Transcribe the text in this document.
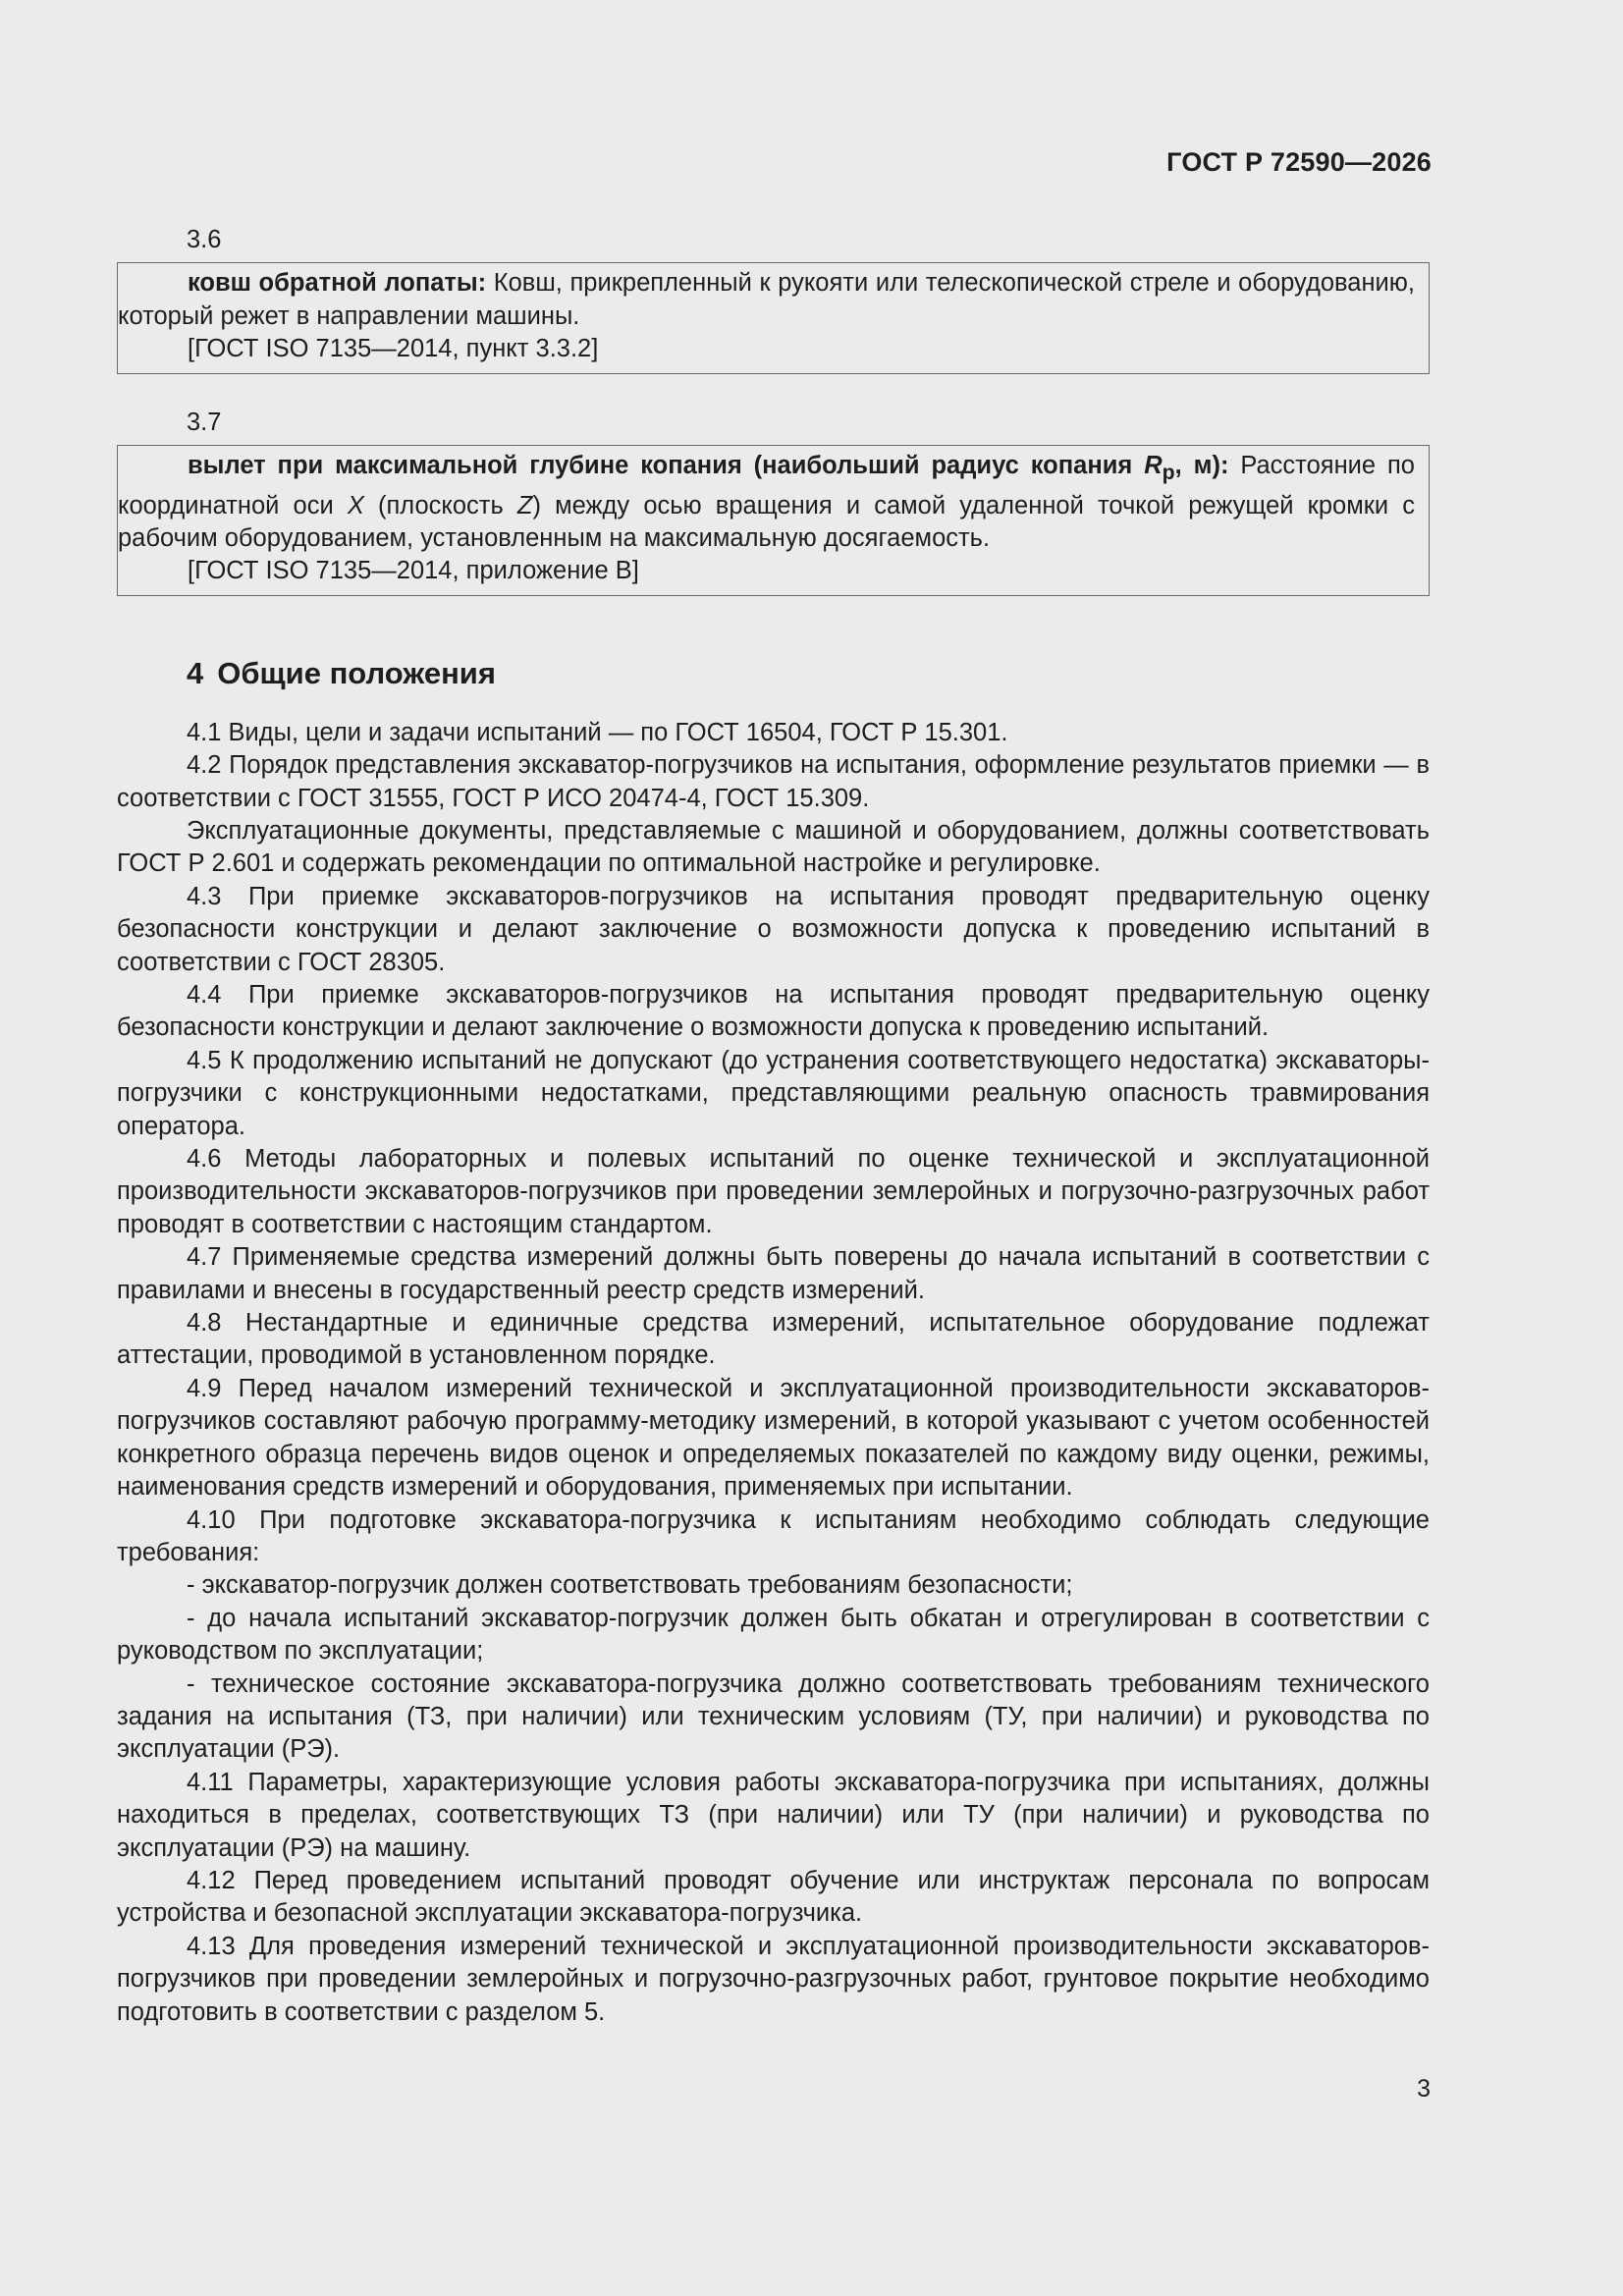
ГОСТ Р 72590—2026
3.6

ковш обратной лопаты: Ковш, прикрепленный к рукояти или телескопической стреле и оборудованию, который режет в направлении машины.

[ГОСТ ISO 7135—2014, пункт 3.3.2]

3.7

вылет при максимальной глубине копания (наибольший радиус копания $R_p$, м): Расстояние по координатной оси X (плоскость Z) между осью вращения и самой удаленной точкой режущей кромки с рабочим оборудованием, установленным на максимальную досягаемость.

[ГОСТ ISO 7135—2014, приложение В]

4 Общие положения

4.1 Виды, цели и задачи испытаний — по ГОСТ 16504, ГОСТ Р 15.301.

4.2 Порядок представления экскаватор-погрузчиков на испытания, оформление результатов приемки — в соответствии с ГОСТ 31555, ГОСТ Р ИСО 20474-4, ГОСТ 15.309.

Эксплуатационные документы, представляемые с машиной и оборудованием, должны соответствовать ГОСТ Р 2.601 и содержать рекомендации по оптимальной настройке и регулировке.

4.3 При приемке экскаваторов-погрузчиков на испытания проводят предварительную оценку безопасности конструкции и делают заключение о возможности допуска к проведению испытаний в соответствии с ГОСТ 28305.

4.4 При приемке экскаваторов-погрузчиков на испытания проводят предварительную оценку безопасности конструкции и делают заключение о возможности допуска к проведению испытаний.

4.5 К продолжению испытаний не допускают (до устранения соответствующего недостатка) экскаваторы-погрузчики с конструкционными недостатками, представляющими реальную опасность травмирования оператора.

4.6 Методы лабораторных и полевых испытаний по оценке технической и эксплуатационной производительности экскаваторов-погрузчиков при проведении землеройных и погрузочно-разгрузочных работ проводят в соответствии с настоящим стандартом.

4.7 Применяемые средства измерений должны быть поверены до начала испытаний в соответствии с правилами и внесены в государственный реестр средств измерений.

4.8 Нестандартные и единичные средства измерений, испытательное оборудование подлежат аттестации, проводимой в установленном порядке.

4.9 Перед началом измерений технической и эксплуатационной производительности экскаваторов-погрузчиков составляют рабочую программу-методику измерений, в которой указывают с учетом особенностей конкретного образца перечень видов оценок и определяемых показателей по каждому виду оценки, режимы, наименования средств измерений и оборудования, применяемых при испытании.

4.10 При подготовке экскаватора-погрузчика к испытаниям необходимо соблюдать следующие требования:

- экскаватор-погрузчик должен соответствовать требованиям безопасности;

- до начала испытаний экскаватор-погрузчик должен быть обкатан и отрегулирован в соответствии с руководством по эксплуатации;

- техническое состояние экскаватора-погрузчика должно соответствовать требованиям технического задания на испытания (ТЗ, при наличии) или техническим условиям (ТУ, при наличии) и руководства по эксплуатации (РЭ).

4.11 Параметры, характеризующие условия работы экскаватора-погрузчика при испытаниях, должны находиться в пределах, соответствующих ТЗ (при наличии) или ТУ (при наличии) и руководства по эксплуатации (РЭ) на машину.

4.12 Перед проведением испытаний проводят обучение или инструктаж персонала по вопросам устройства и безопасной эксплуатации экскаватора-погрузчика.

4.13 Для проведения измерений технической и эксплуатационной производительности экскаваторов-погрузчиков при проведении землеройных и погрузочно-разгрузочных работ, грунтовое покрытие необходимо подготовить в соответствии с разделом 5.

3
